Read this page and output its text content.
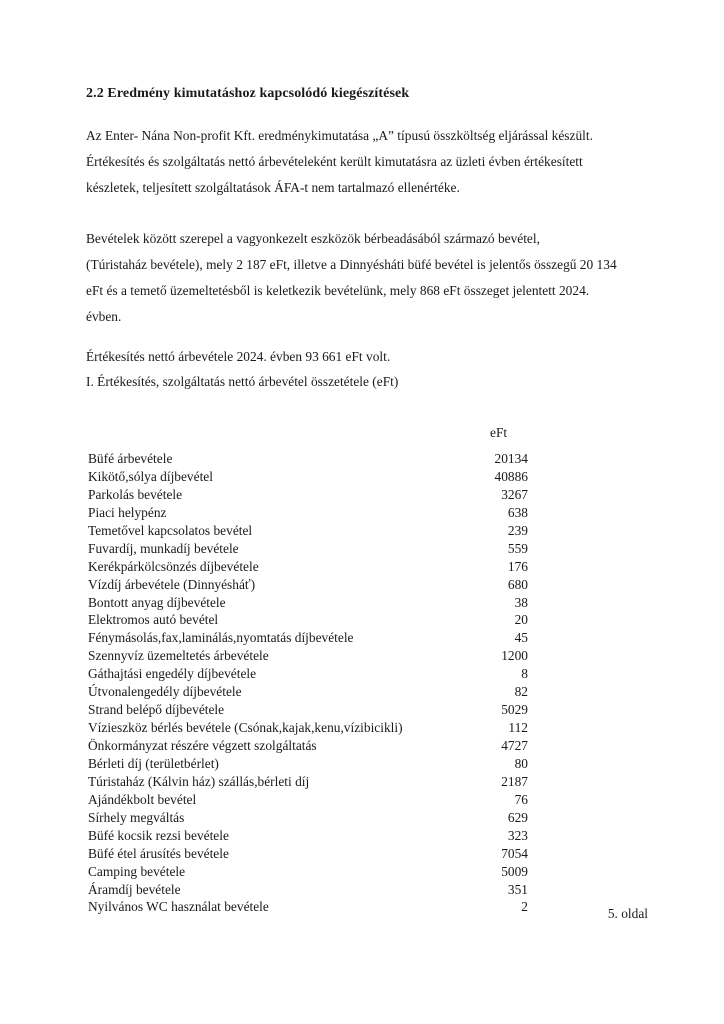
2.2 Eredmény kimutatáshoz kapcsolódó kiegészítések
Az Enter- Nána Non-profit Kft. eredménykimutatása „A” típusú összköltség eljárással készült.
Értékesítés és szolgáltatás nettó árbevételeként került kimutatásra az üzleti évben értékesített
készletek, teljesített szolgáltatások ÁFA-t nem tartalmazó ellenértéke.
Bevételek között szerepel a vagyonkezelt eszközök bérbeadásából származó bevétel,
(Túristaház bevétele), mely 2 187 eFt, illetve a Dinnyésháti büfé bevétel is jelentős összegű 20 134
eFt és a temető üzemeltetésből is keletkezik bevételünk, mely 868 eFt összeget jelentett 2024.
évben.
Értékesítés nettó árbevétele 2024. évben 93 661 eFt volt.
I. Értékesítés, szolgáltatás nettó árbevétel összetétele (eFt)
eFt
Büfé árbevétele	20134
Kikötő,sólya díjbevétel	40886
Parkolás bevétele	3267
Piaci helypénz	638
Temetővel kapcsolatos bevétel	239
Fuvardíj, munkadíj bevétele	559
Kerékpárkölcsönzés díjbevétele	176
Vízdíj árbevétele (Dinnyésháť)	680
Bontott anyag díjbevétele	38
Elektromos autó bevétel	20
Fénymásolás,fax,laminálás,nyomtatás díjbevétele	45
Szennyvíz üzemeltetés árbevétele	1200
Gáthajtási engedély díjbevétele	8
Útvonalengedély díjbevétele	82
Strand belépő díjbevétele	5029
Vízieszköz bérlés bevétele (Csónak,kajak,kenu,vízibicikli)	112
Önkormányzat részére végzett szolgáltatás	4727
Bérleti díj (területbérlet)	80
Túristaház (Kálvin ház) szállás,bérleti díj	2187
Ajándékbolt bevétel	76
Sírhely megváltás	629
Büfé kocsik rezsi bevétele	323
Büfé étel árusítés bevétele	7054
Camping bevétele	5009
Áramdíj bevétele	351
Nyilvános WC használat bevétele	2	5. oldal
